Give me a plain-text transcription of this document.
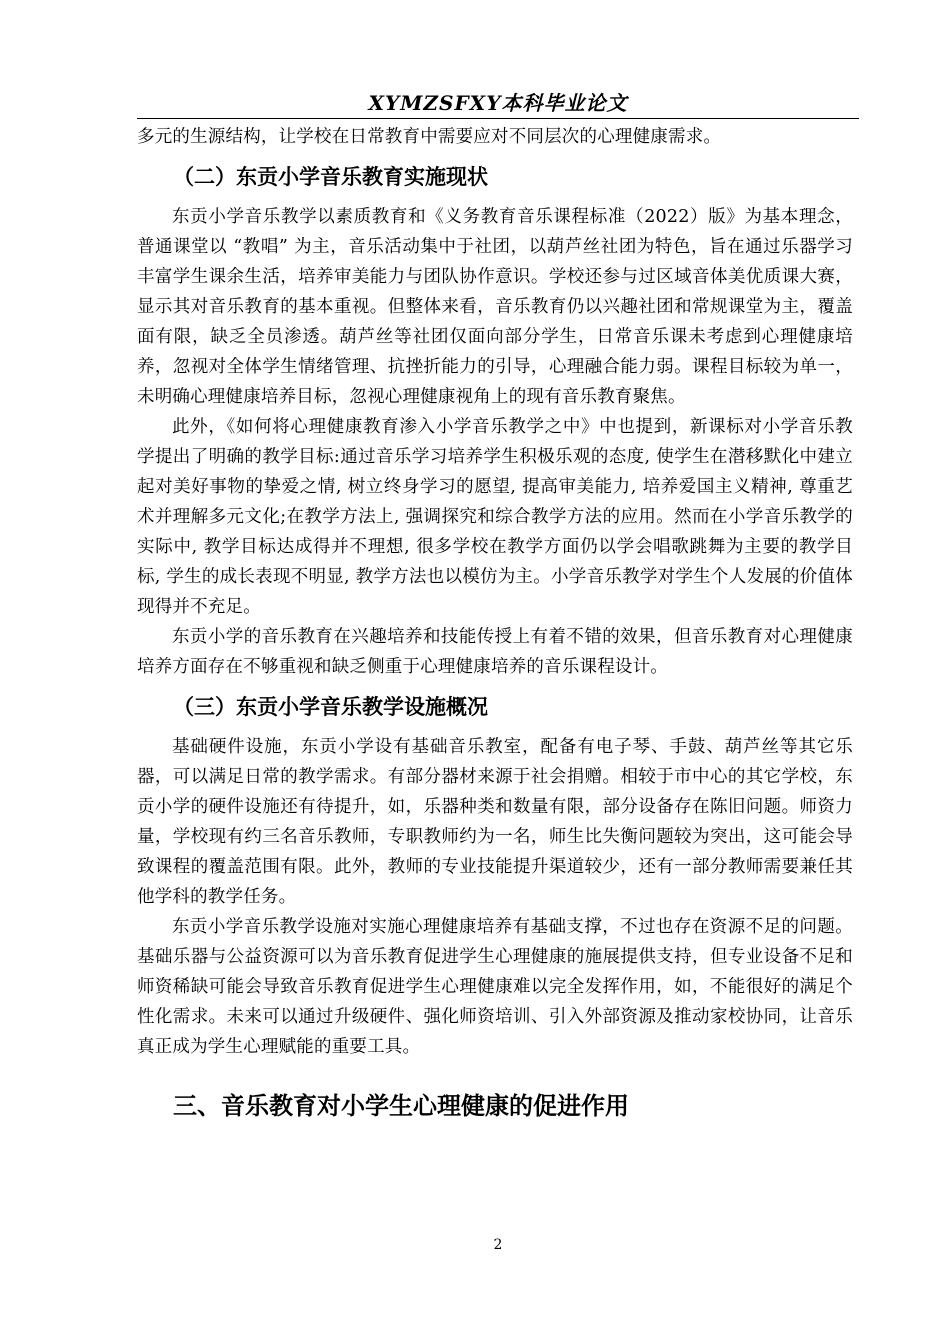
XYMZSFXY本科毕业论文

多元的生源结构，让学校在日常教育中需要应对不同层次的心理健康需求。

（二）东贡小学音乐教育实施现状

东贡小学音乐教学以素质教育和《义务教育音乐课程标准（2022）版》为基本理念，普通课堂以 “教唱” 为主，音乐活动集中于社团，以葫芦丝社团为特色，旨在通过乐器学习丰富学生课余生活，培养审美能力与团队协作意识。学校还参与过区域音体美优质课大赛，显示其对音乐教育的基本重视。但整体来看，音乐教育仍以兴趣社团和常规课堂为主，覆盖面有限，缺乏全员渗透。葫芦丝等社团仅面向部分学生，日常音乐课未考虑到心理健康培养，忽视对全体学生情绪管理、抗挫折能力的引导，心理融合能力弱。课程目标较为单一，未明确心理健康培养目标，忽视心理健康视角上的现有音乐教育聚焦。

此外，《如何将心理健康教育渗入小学音乐教学之中》中也提到，新课标对小学音乐教学提出了明确的教学目标:通过音乐学习培养学生积极乐观的态度, 使学生在潜移默化中建立起对美好事物的挚爱之情, 树立终身学习的愿望, 提高审美能力, 培养爱国主义精神, 尊重艺术并理解多元文化;在教学方法上, 强调探究和综合教学方法的应用。然而在小学音乐教学的实际中, 教学目标达成得并不理想, 很多学校在教学方面仍以学会唱歌跳舞为主要的教学目标, 学生的成长表现不明显, 教学方法也以模仿为主。小学音乐教学对学生个人发展的价值体现得并不充足。

东贡小学的音乐教育在兴趣培养和技能传授上有着不错的效果，但音乐教育对心理健康培养方面存在不够重视和缺乏侧重于心理健康培养的音乐课程设计。

（三）东贡小学音乐教学设施概况

基础硬件设施，东贡小学设有基础音乐教室，配备有电子琴、手鼓、葫芦丝等其它乐器，可以满足日常的教学需求。有部分器材来源于社会捐赠。相较于市中心的其它学校，东贡小学的硬件设施还有待提升，如，乐器种类和数量有限，部分设备存在陈旧问题。师资力量，学校现有约三名音乐教师，专职教师约为一名，师生比失衡问题较为突出，这可能会导致课程的覆盖范围有限。此外，教师的专业技能提升渠道较少，还有一部分教师需要兼任其他学科的教学任务。

东贡小学音乐教学设施对实施心理健康培养有基础支撑，不过也存在资源不足的问题。基础乐器与公益资源可以为音乐教育促进学生心理健康的施展提供支持，但专业设备不足和师资稀缺可能会导致音乐教育促进学生心理健康难以完全发挥作用，如，不能很好的满足个性化需求。未来可以通过升级硬件、强化师资培训、引入外部资源及推动家校协同，让音乐真正成为学生心理赋能的重要工具。

三、音乐教育对小学生心理健康的促进作用
2
